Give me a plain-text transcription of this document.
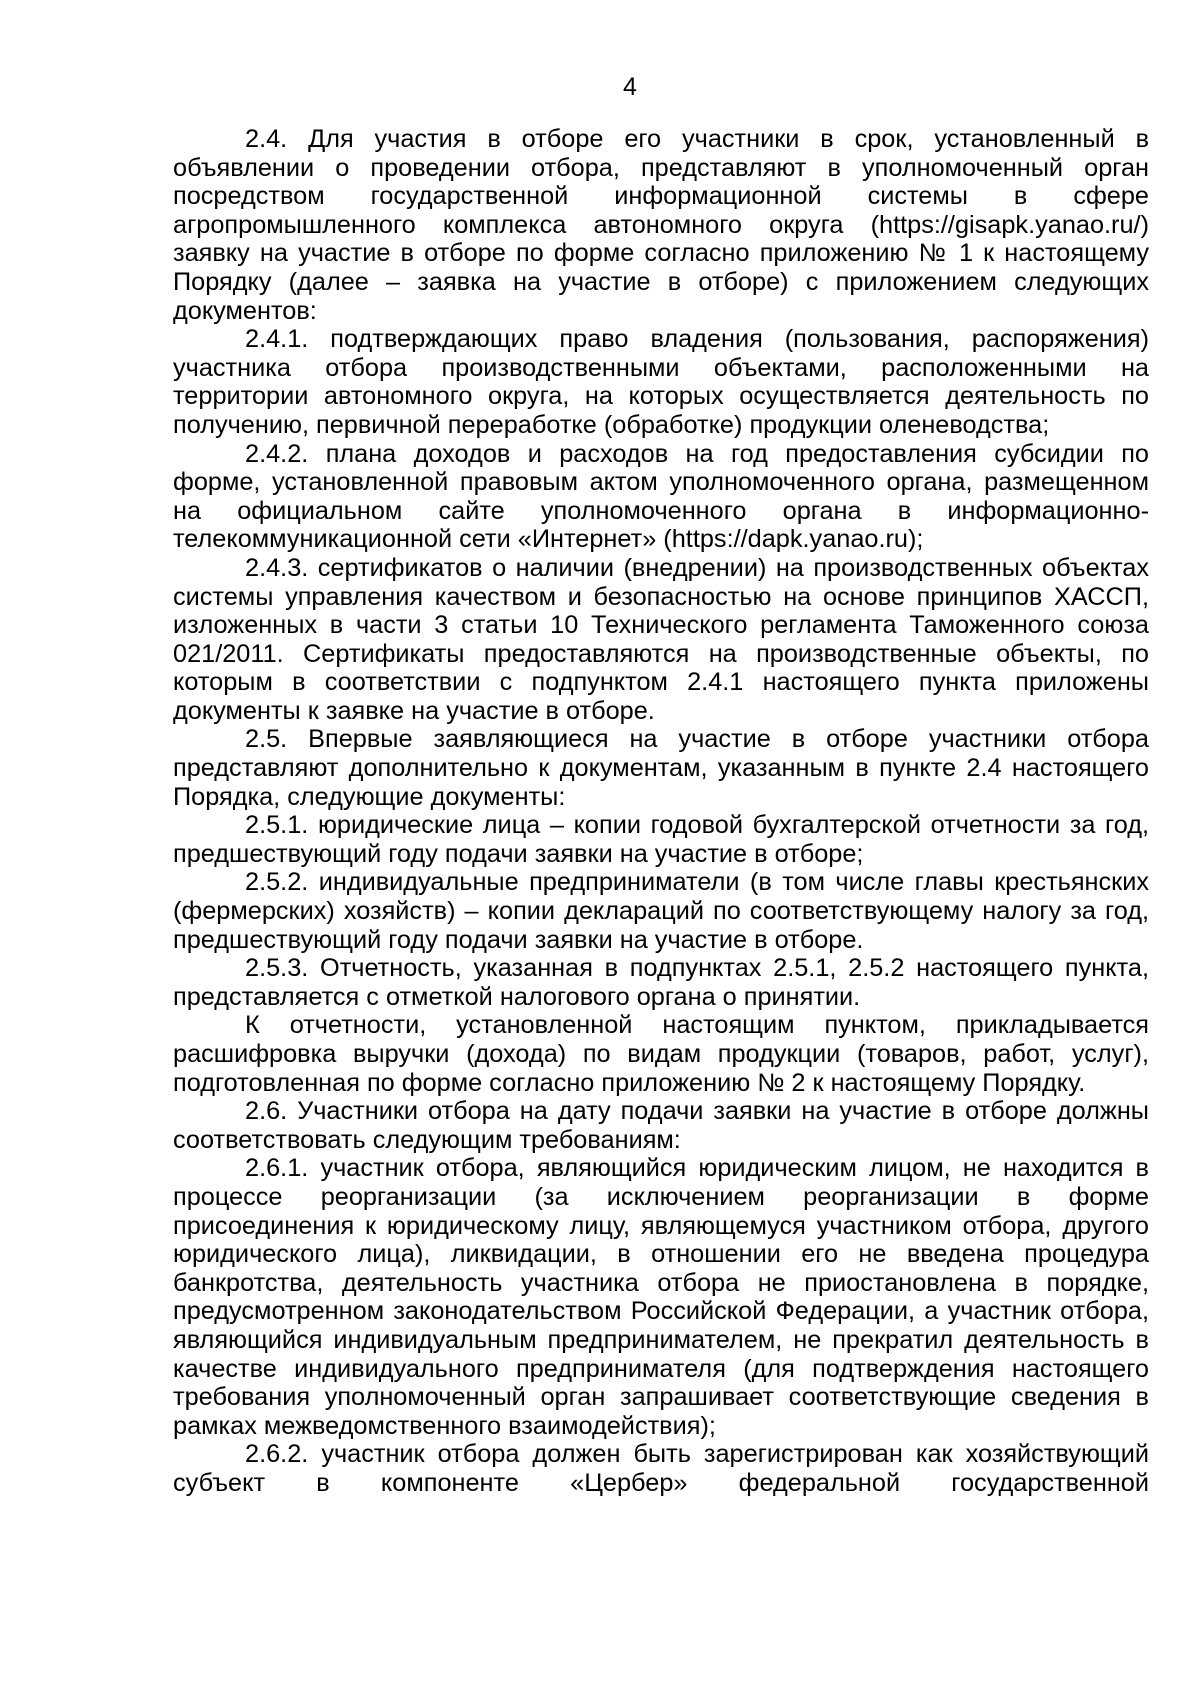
4

2.4. Для участия в отборе его участники в срок, установленный в объявлении о проведении отбора, представляют в уполномоченный орган посредством государственной информационной системы в сфере агропромышленного комплекса автономного округа (https://gisapk.yanao.ru/) заявку на участие в отборе по форме согласно приложению № 1 к настоящему Порядку (далее – заявка на участие в отборе) с приложением следующих документов:

2.4.1. подтверждающих право владения (пользования, распоряжения) участника отбора производственными объектами, расположенными на территории автономного округа, на которых осуществляется деятельность по получению, первичной переработке (обработке) продукции оленеводства;

2.4.2. плана доходов и расходов на год предоставления субсидии по форме, установленной правовым актом уполномоченного органа, размещенном на официальном сайте уполномоченного органа в информационно-телекоммуникационной сети «Интернет» (https://dapk.yanao.ru);

2.4.3. сертификатов о наличии (внедрении) на производственных объектах системы управления качеством и безопасностью на основе принципов ХАССП, изложенных в части 3 статьи 10 Технического регламента Таможенного союза 021/2011. Сертификаты предоставляются на производственные объекты, по которым в соответствии с подпунктом 2.4.1 настоящего пункта приложены документы к заявке на участие в отборе.

2.5. Впервые заявляющиеся на участие в отборе участники отбора представляют дополнительно к документам, указанным в пункте 2.4 настоящего Порядка, следующие документы:

2.5.1. юридические лица – копии годовой бухгалтерской отчетности за год, предшествующий году подачи заявки на участие в отборе;

2.5.2. индивидуальные предприниматели (в том числе главы крестьянских (фермерских) хозяйств) – копии деклараций по соответствующему налогу за год, предшествующий году подачи заявки на участие в отборе.

2.5.3. Отчетность, указанная в подпунктах 2.5.1, 2.5.2 настоящего пункта, представляется с отметкой налогового органа о принятии.

К отчетности, установленной настоящим пунктом, прикладывается расшифровка выручки (дохода) по видам продукции (товаров, работ, услуг), подготовленная по форме согласно приложению № 2 к настоящему Порядку.

2.6. Участники отбора на дату подачи заявки на участие в отборе должны соответствовать следующим требованиям:

2.6.1. участник отбора, являющийся юридическим лицом, не находится в процессе реорганизации (за исключением реорганизации в форме присоединения к юридическому лицу, являющемуся участником отбора, другого юридического лица), ликвидации, в отношении его не введена процедура банкротства, деятельность участника отбора не приостановлена в порядке, предусмотренном законодательством Российской Федерации, а участник отбора, являющийся индивидуальным предпринимателем, не прекратил деятельность в качестве индивидуального предпринимателя (для подтверждения настоящего требования уполномоченный орган запрашивает соответствующие сведения в рамках межведомственного взаимодействия);

2.6.2. участник отбора должен быть зарегистрирован как хозяйствующий субъект в компоненте «Цербер» федеральной государственной
